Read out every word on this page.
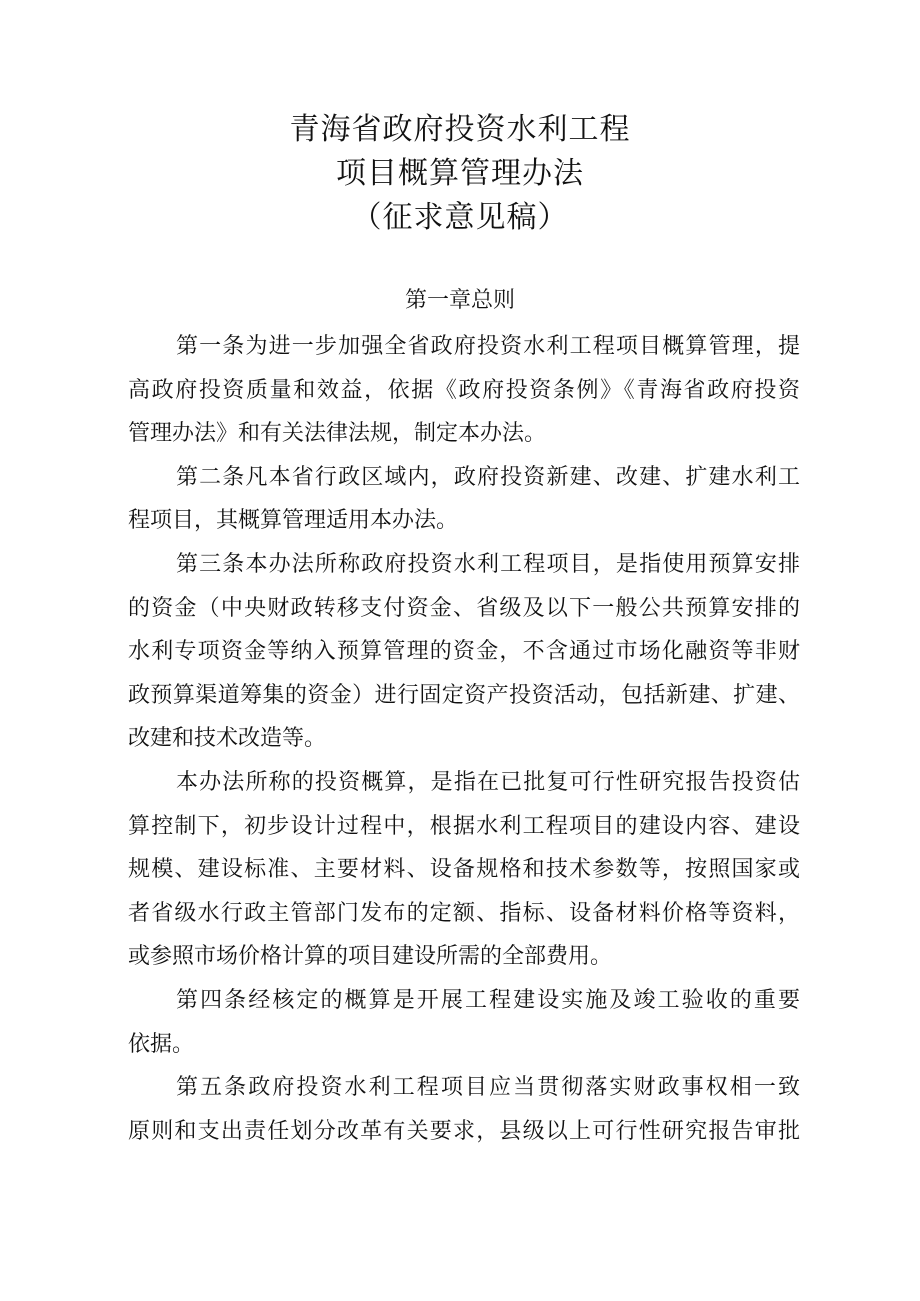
青海省政府投资水利工程
项目概算管理办法
（征求意见稿）
第一章总则

第一条为进一步加强全省政府投资水利工程项目概算管理，提
高政府投资质量和效益，依据《政府投资条例》《青海省政府投资
管理办法》和有关法律法规，制定本办法。

第二条凡本省行政区域内，政府投资新建、改建、扩建水利工
程项目，其概算管理适用本办法。

第三条本办法所称政府投资水利工程项目，是指使用预算安排
的资金（中央财政转移支付资金、省级及以下一般公共预算安排的
水利专项资金等纳入预算管理的资金，不含通过市场化融资等非财
政预算渠道筹集的资金）进行固定资产投资活动，包括新建、扩建、
改建和技术改造等。

本办法所称的投资概算，是指在已批复可行性研究报告投资估
算控制下，初步设计过程中，根据水利工程项目的建设内容、建设
规模、建设标准、主要材料、设备规格和技术参数等，按照国家或
者省级水行政主管部门发布的定额、指标、设备材料价格等资料，
或参照市场价格计算的项目建设所需的全部费用。

第四条经核定的概算是开展工程建设实施及竣工验收的重要
依据。

第五条政府投资水利工程项目应当贯彻落实财政事权相一致
原则和支出责任划分改革有关要求，县级以上可行性研究报告审批
